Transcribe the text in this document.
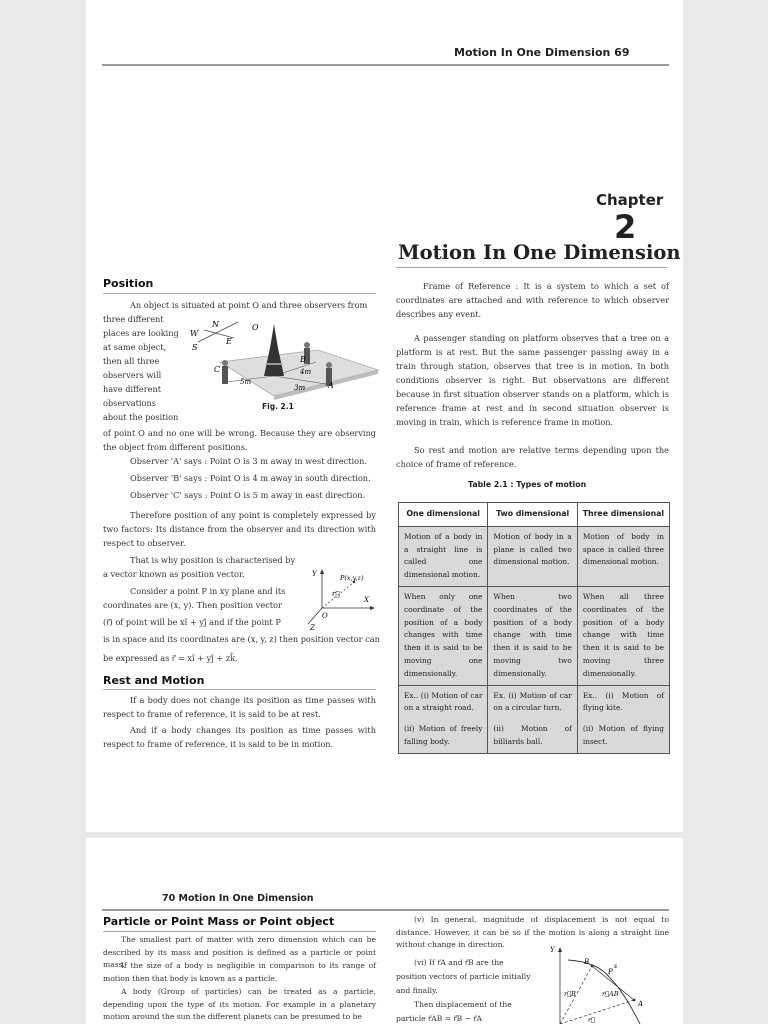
Motion In One Dimension 69
Chapter
2
Motion In One Dimension
Position
An object is situated at point O and three observers from
three different
places are looking
at same object,
then all three
observers will
have different
observations
about the position
N
W
E
S
O
B
C
A
5m
4m
3m
Fig. 2.1
of point O and no one will be wrong. Because they are observing the object from different positions.
Observer 'A' says : Point O is 3 m away in west direction.
Observer 'B' says : Point O is 4 m away in south direction.
Observer 'C' says : Point O is 5 m away in east direction.
Therefore position of any point is completely expressed by two factors: Its distance from the observer and its direction with respect to observer.
That is why position is characterised by
a vector known as position vector.
Consider a point P in xy plane and its
coordinates are (x, y). Then position vector
(r⃗) of point will be xî + yĵ and if the point P
is in space and its coordinates are (x, y, z) then position vector can
be expressed as r⃗ = xî + yĵ + zk̂.
Y
X
Z
O
P(x,y,z)
r⃗
Rest and Motion
If a body does not change its position as time passes with respect to frame of reference, it is said to be at rest.
And if a body changes its position as time passes with respect to frame of reference, it is said to be in motion.
Frame of Reference : It is a system to which a set of coordinates are attached and with reference to which observer describes any event.
A passenger standing on platform observes that a tree on a platform is at rest. But the same passenger passing away in a train through station, observes that tree is in motion. In both conditions observer is right. But observations are different because in first situation observer stands on a platform, which is reference frame at rest and in second situation observer is moving in train, which is reference frame in motion.
So rest and motion are relative terms depending upon the choice of frame of reference.
Table 2.1 : Types of motion
One dimensional	Two dimensional	Three dimensional
Motion of a body in a straight line is called one dimensional motion.	Motion of body in a plane is called two dimensional motion.	Motion of body in space is called three dimensional motion.
When only one coordinate of the position of a body changes with time then it is said to be moving one dimensionally.	When two coordinates of the position of a body change with time then it is said to be moving two dimensionally.	When all three coordinates of the position of a body change with time then it is said to be moving three dimensionally.
Ex.. (i) Motion of car on a straight road.	Ex. (i) Motion of car on a circular turn.	Ex.. (i) Motion of flying kite.
(ii) Motion of freely falling body.	(ii) Motion of billiards ball.	(ii) Motion of flying insect.
70 Motion In One Dimension
Particle or Point Mass or Point object
The smallest part of matter with zero dimension which can be described by its mass and position is defined as a particle or point mass.
If the size of a body is negligible in comparison to its range of motion then that body is known as a particle.
A body (Group of particles) can be treated as a particle, depending upon the type of its motion. For example in a planetary motion around the sun the different planets can be presumed to be
(v) In general, magnitude of displacement is not equal to distance. However, it can be so if the motion is along a straight line without change in direction.
(vi) If r⃗A and r⃗B are the
position vectors of particle initially
and finally.
Then displacement of the
particle r⃗AB = r⃗B − r⃗A
Y
B
A
P
s
r⃗B	r⃗AB
r⃗
